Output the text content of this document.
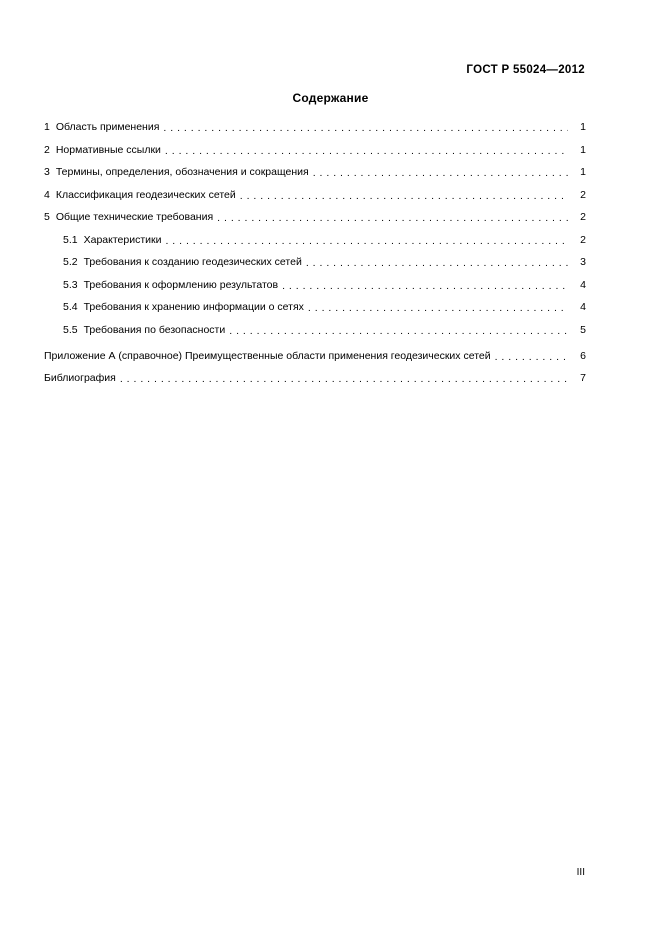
ГОСТ Р 55024—2012
Содержание
1 Область применения . . .	1
2 Нормативные ссылки . . .	1
3 Термины, определения, обозначения и сокращения . . .	1
4 Классификация геодезических сетей . . .	2
5 Общие технические требования . . .	2
5.1 Характеристики . . .	2
5.2 Требования к созданию геодезических сетей . . .	3
5.3 Требования к оформлению результатов . . .	4
5.4 Требования к хранению информации о сетях . . .	4
5.5 Требования по безопасности . . .	5
Приложение А (справочное) Преимущественные области применения геодезических сетей . . .	6
Библиография . . .	7
III
